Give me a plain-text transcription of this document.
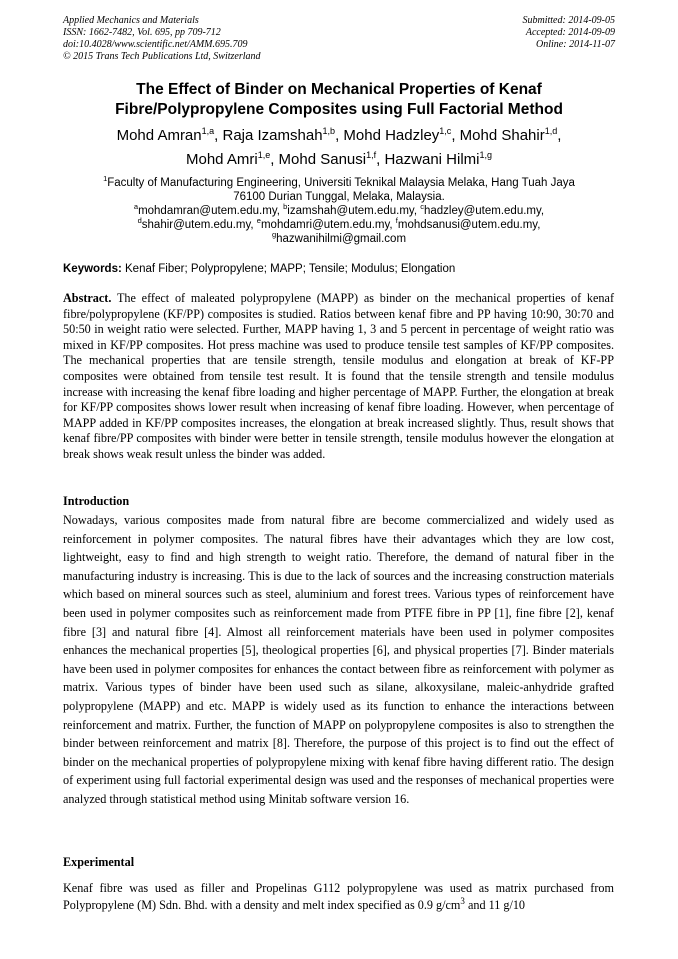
Applied Mechanics and Materials
ISSN: 1662-7482, Vol. 695, pp 709-712
doi:10.4028/www.scientific.net/AMM.695.709
© 2015 Trans Tech Publications Ltd, Switzerland
Submitted: 2014-09-05
Accepted: 2014-09-09
Online: 2014-11-07
The Effect of Binder on Mechanical Properties of Kenaf
Fibre/Polypropylene Composites using Full Factorial Method
Mohd Amran$^{1,a}$, Raja Izamshah$^{1,b}$, Mohd Hadzley$^{1,c}$, Mohd Shahir$^{1,d}$,
Mohd Amri$^{1,e}$, Mohd Sanusi$^{1,f}$, Hazwani Hilmi$^{1,g}$
$^1$Faculty of Manufacturing Engineering, Universiti Teknikal Malaysia Melaka, Hang Tuah Jaya
76100 Durian Tunggal, Melaka, Malaysia.
$^a$mohdamran@utem.edu.my, $^b$izamshah@utem.edu.my, $^c$hadzley@utem.edu.my,
$^d$shahir@utem.edu.my, $^e$mohdamri@utem.edu.my, $^f$mohdsanusi@utem.edu.my,
$^g$hazwanihilmi@gmail.com
Keywords: Kenaf Fiber; Polypropylene; MAPP; Tensile; Modulus; Elongation
Abstract. The effect of maleated polypropylene (MAPP) as binder on the mechanical properties of kenaf fibre/polypropylene (KF/PP) composites is studied. Ratios between kenaf fibre and PP having 10:90, 30:70 and 50:50 in weight ratio were selected. Further, MAPP having 1, 3 and 5 percent in percentage of weight ratio was mixed in KF/PP composites. Hot press machine was used to produce tensile test samples of KF/PP composites. The mechanical properties that are tensile strength, tensile modulus and elongation at break of KF-PP composites were obtained from tensile test result. It is found that the tensile strength and tensile modulus increase with increasing the kenaf fibre loading and higher percentage of MAPP. Further, the elongation at break for KF/PP composites shows lower result when increasing of kenaf fibre loading. However, when percentage of MAPP added in KF/PP composites increases, the elongation at break increased slightly. Thus, result shows that kenaf fibre/PP composites with binder were better in tensile strength, tensile modulus however the elongation at break shows weak result unless the binder was added.
Introduction
Nowadays, various composites made from natural fibre are become commercialized and widely used as reinforcement in polymer composites. The natural fibres have their advantages which they are low cost, lightweight, easy to find and high strength to weight ratio. Therefore, the demand of natural fiber in the manufacturing industry is increasing. This is due to the lack of sources and the increasing construction materials which based on mineral sources such as steel, aluminium and forest trees. Various types of reinforcement have been used in polymer composites such as reinforcement made from PTFE fibre in PP [1], fine fibre [2], kenaf fibre [3] and natural fibre [4]. Almost all reinforcement materials have been used in polymer composites enhances the mechanical properties [5], theological properties [6], and physical properties [7]. Binder materials have been used in polymer composites for enhances the contact between fibre as reinforcement with polymer as matrix. Various types of binder have been used such as silane, alkoxysilane, maleic-anhydride grafted polypropylene (MAPP) and etc. MAPP is widely used as its function to enhance the interactions between reinforcement and matrix. Further, the function of MAPP on polypropylene composites is also to strengthen the binder between reinforcement and matrix [8]. Therefore, the purpose of this project is to find out the effect of binder on the mechanical properties of polypropylene mixing with kenaf fibre having different ratio. The design of experiment using full factorial experimental design was used and the responses of mechanical properties were analyzed through statistical method using Minitab software version 16.
Experimental
Kenaf fibre was used as filler and Propelinas G112 polypropylene was used as matrix purchased from Polypropylene (M) Sdn. Bhd. with a density and melt index specified as 0.9 $g/cm^3$ and 11 g/10
